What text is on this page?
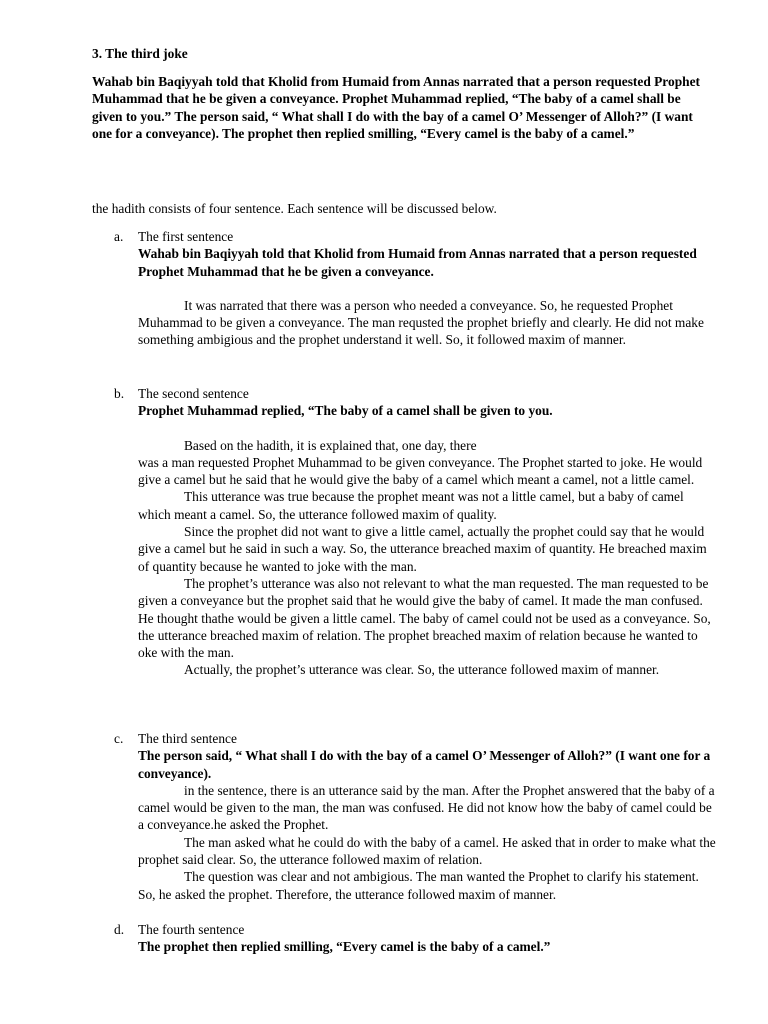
3. The third joke
Wahab bin Baqiyyah told that Kholid from Humaid from Annas narrated that a person requested Prophet Muhammad that he be given a conveyance. Prophet Muhammad replied, “The baby of a camel shall be given to you.” The person said, “ What shall I do with the bay of a camel O’ Messenger of Alloh?” (I want one for a conveyance). The prophet then replied smilling, “Every camel is the baby of a camel.”
the hadith consists of four sentence. Each sentence will be discussed below.
a.	The first sentence
Wahab bin Baqiyyah told that Kholid from Humaid from Annas narrated that a person requested Prophet Muhammad that he be given a conveyance.
It was narrated that there was a person who needed a conveyance. So, he requested Prophet Muhammad to be given a conveyance. The man requsted the prophet briefly and clearly. He did not make something ambigious and the prophet understand it well. So, it followed maxim of manner.
b.	The second sentence
Prophet Muhammad replied, “The baby of a camel shall be given to you.
Based on the hadith, it is explained that, one day, there
was a man requested Prophet Muhammad to be given conveyance. The Prophet started to joke. He would give a camel but he said that he would give the baby of a camel which meant a camel, not a little camel.
This utterance was true because the prophet meant was not a little camel, but a baby of camel which meant a camel. So, the utterance followed maxim of quality.
Since the prophet did not want to give a little camel, actually the prophet could say that he would give a camel but he said in such a way. So, the utterance breached maxim of quantity. He breached maxim of quantity because he wanted to joke with the man.
The prophet’s utterance was also not relevant to what the man requested. The man requested to be given a conveyance but the prophet said that he would give the baby of camel. It made the man confused. He thought thathe would be given a little camel. The baby of camel could not be used as a conveyance. So, the utterance breached maxim of relation. The prophet breached maxim of relation because he wanted to oke with the man.
Actually, the prophet’s utterance was clear. So, the utterance followed maxim of manner.
c.	The third sentence
The person said, “ What shall I do with the bay of a camel O’ Messenger of Alloh?” (I want one for a conveyance).
in the sentence, there is an utterance said by the man. After the Prophet answered that the baby of a camel would be given to the man, the man was confused. He did not know how the baby of camel could be a conveyance.he asked the Prophet.
The man asked what he could do with the baby of a camel. He asked that in order to make what the prophet said clear. So, the utterance followed maxim of relation.
The question was clear and not ambigious. The man wanted the Prophet to clarify his statement. So, he asked the prophet. Therefore, the utterance followed maxim of manner.
d.	The fourth sentence
The prophet then replied smilling, “Every camel is the baby of a camel.”
